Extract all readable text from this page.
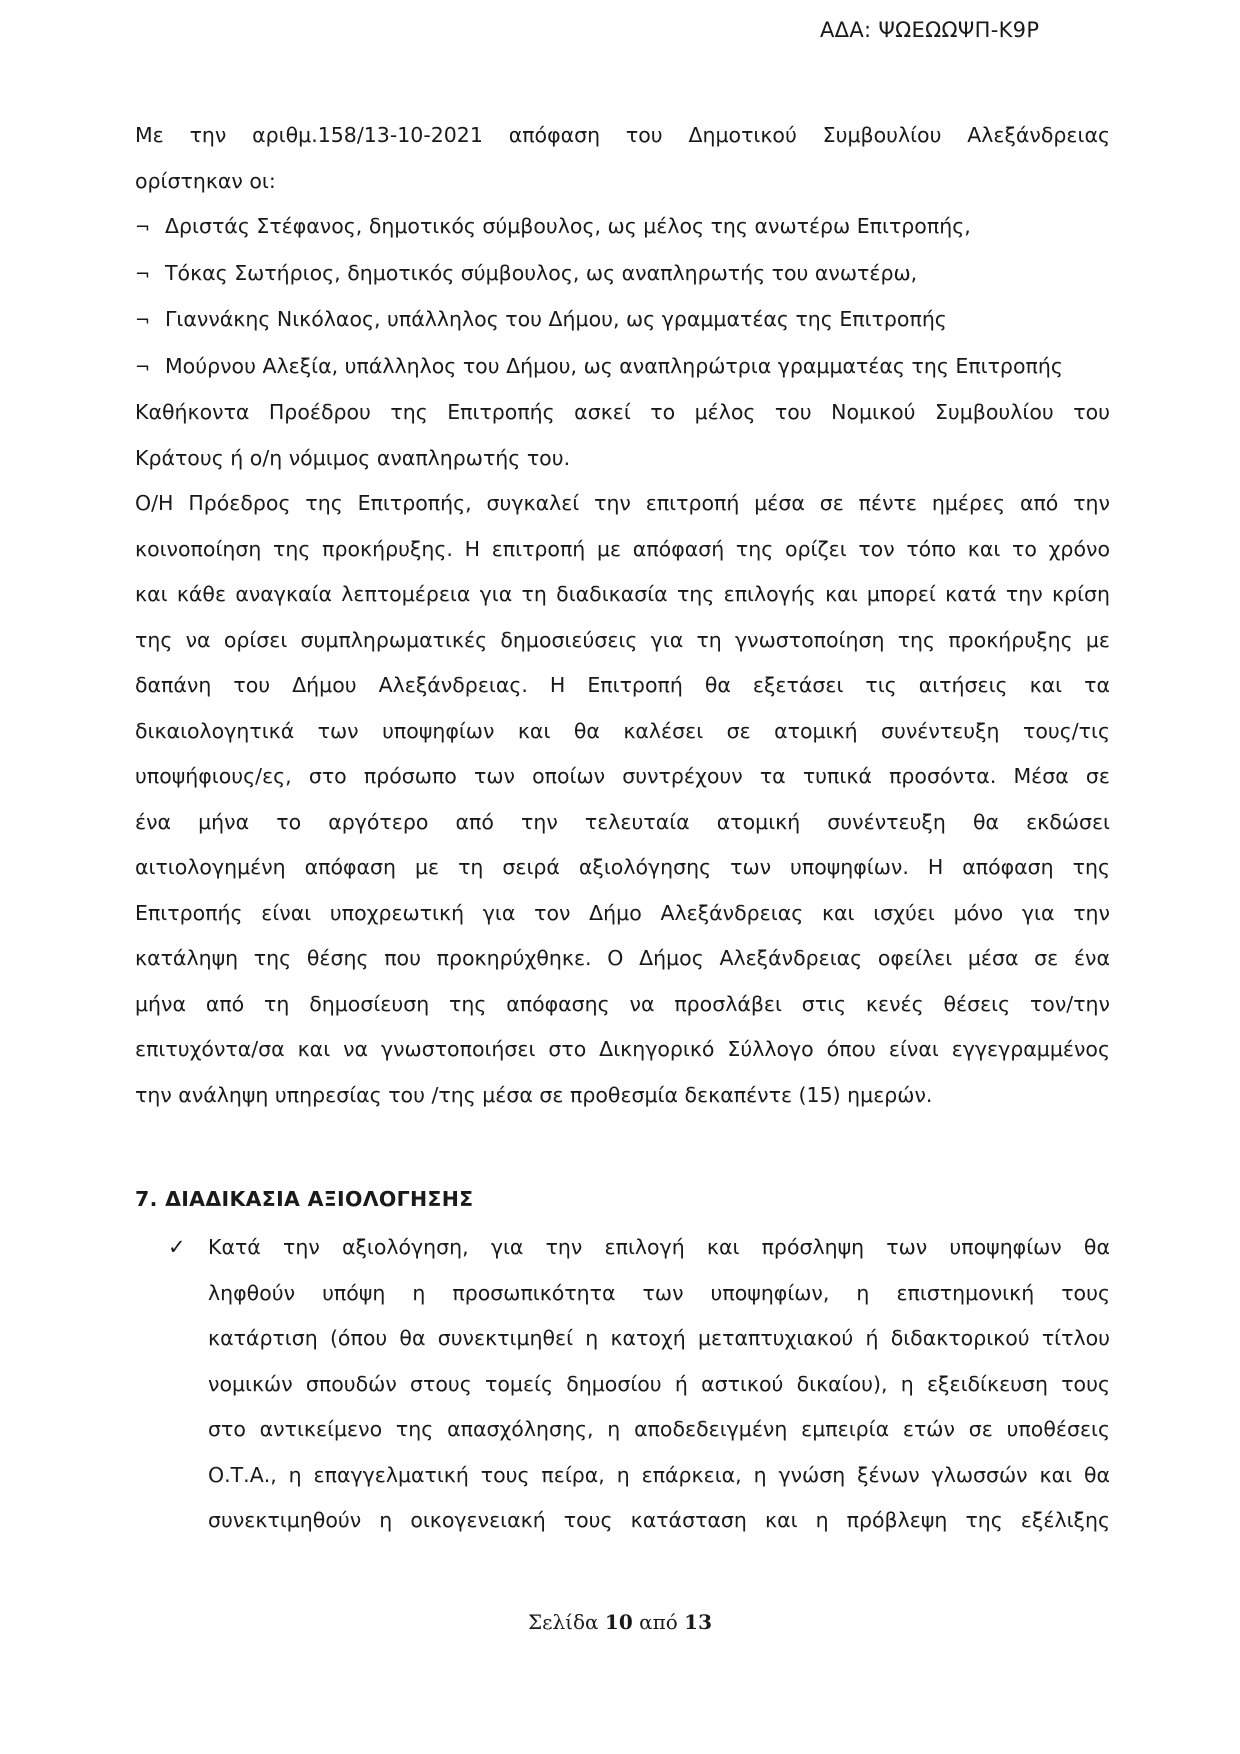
ΑΔΑ: ΨΩΕΩΩΨΠ-Κ9Ρ
Με την αριθμ.158/13-10-2021 απόφαση του Δημοτικού Συμβουλίου Αλεξάνδρειας
ορίστηκαν οι:
¬ Δριστάς Στέφανος, δημοτικός σύμβουλος, ως μέλος της ανωτέρω Επιτροπής,
¬ Τόκας Σωτήριος, δημοτικός σύμβουλος, ως αναπληρωτής του ανωτέρω,
¬ Γιαννάκης Νικόλαος, υπάλληλος του Δήμου, ως γραμματέας της Επιτροπής
¬ Μούρνου Αλεξία, υπάλληλος του Δήμου, ως αναπληρώτρια γραμματέας της Επιτροπής
Καθήκοντα Προέδρου της Επιτροπής ασκεί το μέλος του Νομικού Συμβουλίου του
Κράτους ή ο/η νόμιμος αναπληρωτής του.
Ο/Η Πρόεδρος της Επιτροπής, συγκαλεί την επιτροπή μέσα σε πέντε ημέρες από την
κοινοποίηση της προκήρυξης. Η επιτροπή με απόφασή της ορίζει τον τόπο και το χρόνο
και κάθε αναγκαία λεπτομέρεια για τη διαδικασία της επιλογής και μπορεί κατά την κρίση
της να ορίσει συμπληρωματικές δημοσιεύσεις για τη γνωστοποίηση της προκήρυξης με
δαπάνη του Δήμου Αλεξάνδρειας. Η Επιτροπή θα εξετάσει τις αιτήσεις και τα
δικαιολογητικά των υποψηφίων και θα καλέσει σε ατομική συνέντευξη τους/τις
υποψήφιους/ες, στο πρόσωπο των οποίων συντρέχουν τα τυπικά προσόντα. Μέσα σε
ένα μήνα το αργότερο από την τελευταία ατομική συνέντευξη θα εκδώσει
αιτιολογημένη απόφαση με τη σειρά αξιολόγησης των υποψηφίων. Η απόφαση της
Επιτροπής είναι υποχρεωτική για τον Δήμο Αλεξάνδρειας και ισχύει μόνο για την
κατάληψη της θέσης που προκηρύχθηκε. Ο Δήμος Αλεξάνδρειας οφείλει μέσα σε ένα
μήνα από τη δημοσίευση της απόφασης να προσλάβει στις κενές θέσεις τον/την
επιτυχόντα/σα και να γνωστοποιήσει στο Δικηγορικό Σύλλογο όπου είναι εγγεγραμμένος
την ανάληψη υπηρεσίας του /της μέσα σε προθεσμία δεκαπέντε (15) ημερών.
7. ΔΙΑΔΙΚΑΣΙΑ ΑΞΙΟΛΟΓΗΣΗΣ
✓ Κατά την αξιολόγηση, για την επιλογή και πρόσληψη των υποψηφίων θα
ληφθούν υπόψη η προσωπικότητα των υποψηφίων, η επιστημονική τους
κατάρτιση (όπου θα συνεκτιμηθεί η κατοχή μεταπτυχιακού ή διδακτορικού τίτλου
νομικών σπουδών στους τομείς δημοσίου ή αστικού δικαίου), η εξειδίκευση τους
στο αντικείμενο της απασχόλησης, η αποδεδειγμένη εμπειρία ετών σε υποθέσεις
Ο.Τ.Α., η επαγγελματική τους πείρα, η επάρκεια, η γνώση ξένων γλωσσών και θα
συνεκτιμηθούν η οικογενειακή τους κατάσταση και η πρόβλεψη της εξέλιξης
Σελίδα 10 από 13
